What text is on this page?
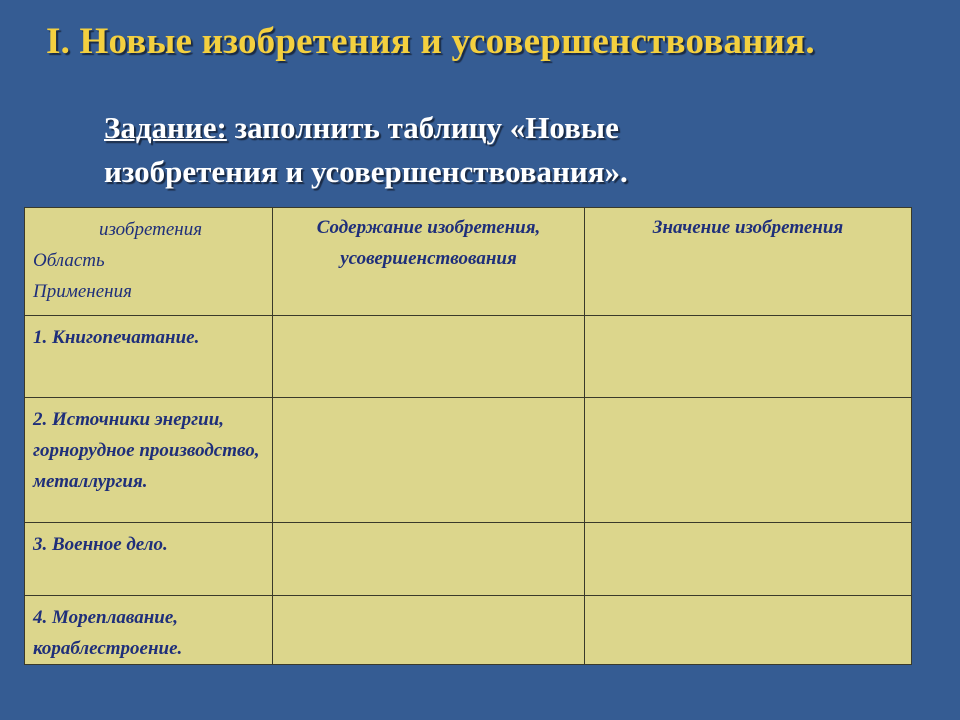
I. Новые изобретения и усовершенствования.

Задание: заполнить таблицу «Новые
изобретения и усовершенствования».

изобретения
Область
Применения	Содержание изобретения, усовершенствования	Значение изобретения

1. Книгопечатание.		

2. Источники энергии, горнорудное производство, металлургия.		

3. Военное дело.		

4. Мореплавание, кораблестроение.		
